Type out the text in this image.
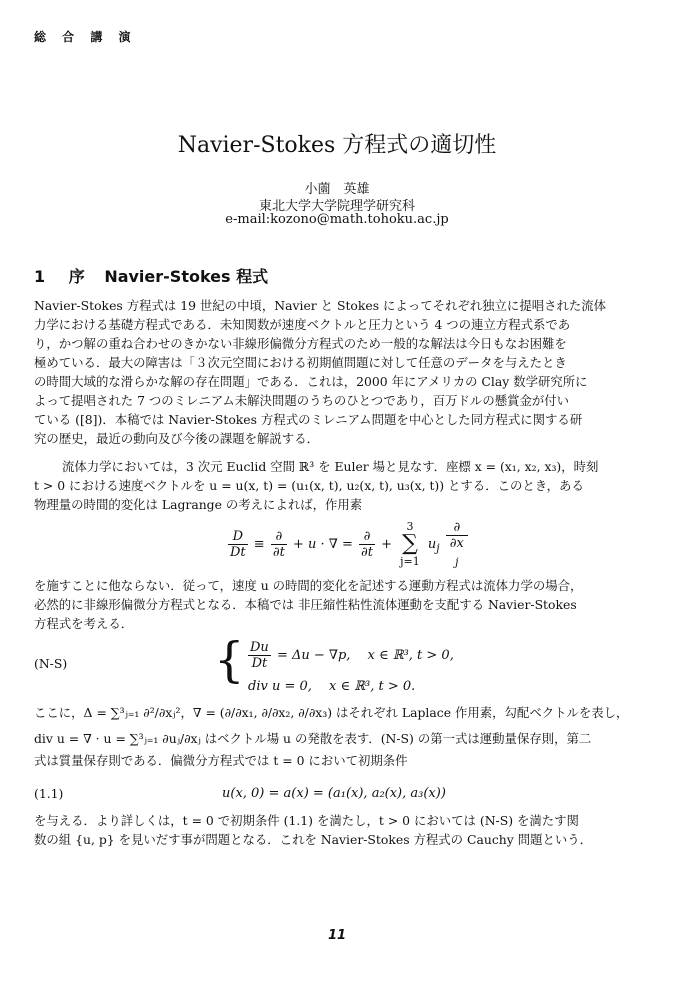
総 合 講 演
Navier-Stokes 方程式の適切性
小薗　英雄
東北大学大学院理学研究科
e-mail:kozono@math.tohoku.ac.jp
1 序 Navier-Stokes 程式
Navier-Stokes 方程式は 19 世紀の中頃，Navier と Stokes によってそれぞれ独立に提唱された流体
力学における基礎方程式である．未知関数が速度ベクトルと圧力という 4 つの連立方程式系であ
り，かつ解の重ね合わせのきかない非線形偏微分方程式のため一般的な解法は今日もなお困難を
極めている．最大の障害は「３次元空間における初期値問題に対して任意のデータを与えたとき
の時間大域的な滑らかな解の存在問題」である．これは，2000 年にアメリカの Clay 数学研究所に
よって提唱された 7 つのミレニアム未解決問題のうちのひとつであり，百万ドルの懸賞金が付い
ている ([8])．本稿では Navier-Stokes 方程式のミレニアム問題を中心とした同方程式に関する研
究の歴史，最近の動向及び今後の課題を解説する．
流体力学においては，3 次元 Euclid 空間 ℝ³ を Euler 場と見なす．座標 x = (x₁, x₂, x₃)，時刻
t > 0 における速度ベクトルを u = u(x, t) = (u₁(x, t), u₂(x, t), u₃(x, t)) とする．このとき，ある
物理量の時間的変化は Lagrange の考えによれば，作用素
$\frac{D}{Dt} \equiv \frac{\partial}{\partial t} + u$ · ∇ = $\frac{\partial}{\partial t}$ +
3
∑
j=1
$u_j$ ∂
∂x
$_j$
を施すことに他ならない．従って，速度 u の時間的変化を記述する運動方程式は流体力学の場合，
必然的に非線形偏微分方程式となる．本稿では 非圧縮性粘性流体運動を支配する Navier-Stokes
方程式を考える．
(N-S)	{ $\frac{Du}{Dt} = \Delta u - \nabla p$,　 x ∈ ℝ³, t > 0,
div u = 0,　 x ∈ ℝ³, t > 0.
ここに，Δ = ∑³ⱼ₌₁ ∂²/∂xⱼ²，∇ = (∂/∂x₁, ∂/∂x₂, ∂/∂x₃) はそれぞれ Laplace 作用素，勾配ベクトルを表し，
div u = ∇ · u = ∑³ⱼ₌₁ ∂uⱼ/∂xⱼ はベクトル場 u の発散を表す．(N-S) の第一式は運動量保存則，第二
式は質量保存則である．偏微分方程式では t = 0 において初期条件
(1.1)	u(x, 0) = a(x) = (a₁(x), a₂(x), a₃(x))
を与える．より詳しくは，t = 0 で初期条件 (1.1) を満たし，t > 0 においては (N-S) を満たす関
数の組 {u, p} を見いだす事が問題となる．これを Navier-Stokes 方程式の Cauchy 問題という．
11
